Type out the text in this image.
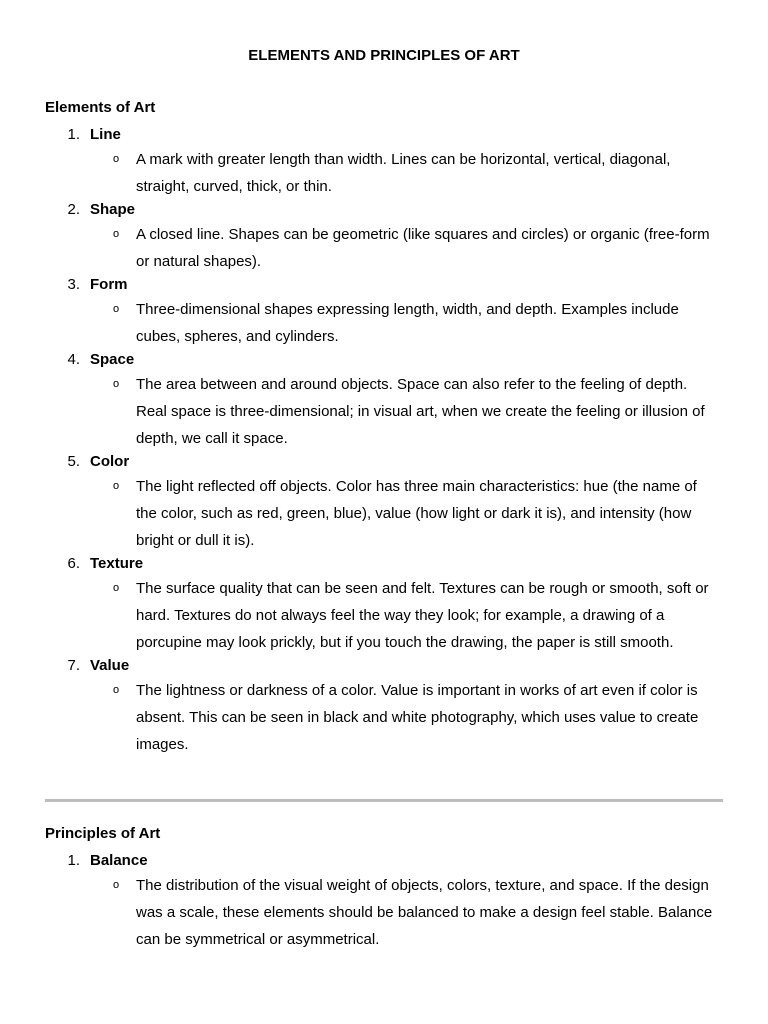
ELEMENTS AND PRINCIPLES OF ART
Elements of Art
1. Line
o A mark with greater length than width. Lines can be horizontal, vertical, diagonal, straight, curved, thick, or thin.
2. Shape
o A closed line. Shapes can be geometric (like squares and circles) or organic (free-form or natural shapes).
3. Form
o Three-dimensional shapes expressing length, width, and depth. Examples include cubes, spheres, and cylinders.
4. Space
o The area between and around objects. Space can also refer to the feeling of depth. Real space is three-dimensional; in visual art, when we create the feeling or illusion of depth, we call it space.
5. Color
o The light reflected off objects. Color has three main characteristics: hue (the name of the color, such as red, green, blue), value (how light or dark it is), and intensity (how bright or dull it is).
6. Texture
o The surface quality that can be seen and felt. Textures can be rough or smooth, soft or hard. Textures do not always feel the way they look; for example, a drawing of a porcupine may look prickly, but if you touch the drawing, the paper is still smooth.
7. Value
o The lightness or darkness of a color. Value is important in works of art even if color is absent. This can be seen in black and white photography, which uses value to create images.
Principles of Art
1. Balance
o The distribution of the visual weight of objects, colors, texture, and space. If the design was a scale, these elements should be balanced to make a design feel stable. Balance can be symmetrical or asymmetrical.
